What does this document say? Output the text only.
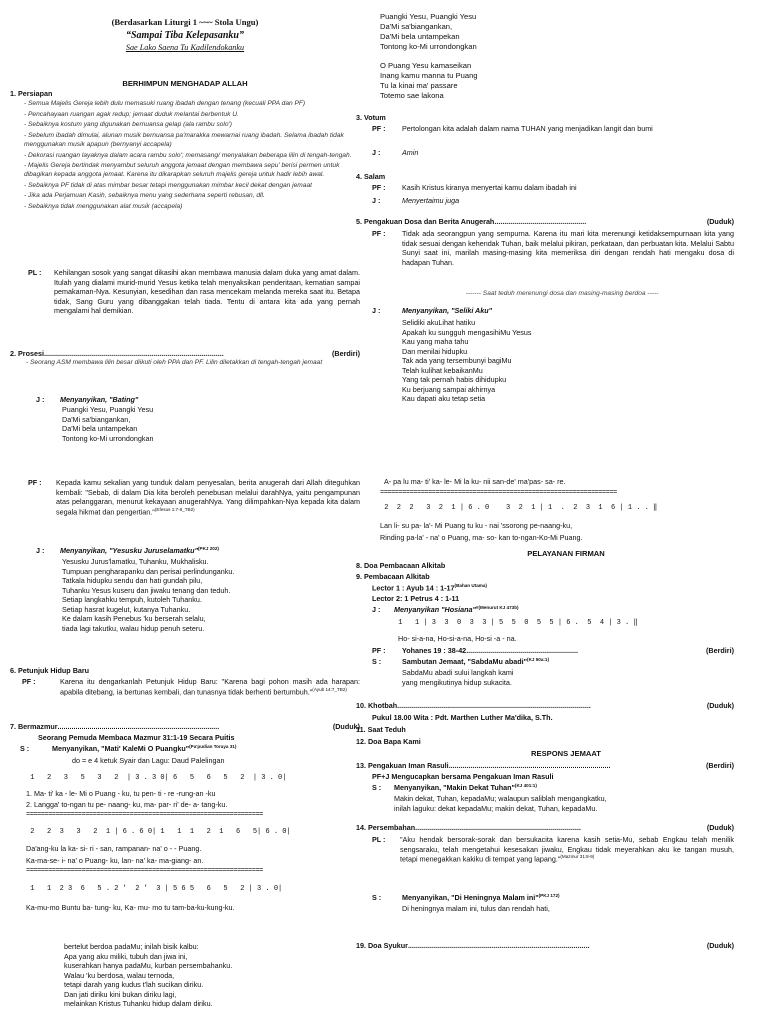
(Berdasarkan Liturgi 1 ~~~ Stola Ungu)
“Sampai Tiba Kelepasanku”
Sae Lako Saena Tu Kadilendokanku
BERHIMPUN MENGHADAP ALLAH
1. Persiapan
- Semua Majelis Gereja lebih dulu memasuki ruang ibadah dengan tenang (kecuali PPA dan PF)
- Pencahayaan ruangan agak redup; jemaat duduk melantai berbentuk U.
- Sebaiknya kostum yang digunakan bernuansa gelap (ala rambu solo')
- Sebelum ibadah dimulai, alunan musik bernuansa pa'marakka mewarnai ruang ibadah. Selama ibadah tidak menggunakan musik apapun (bernyanyi accapela)
- Dekorasi ruangan layaknya dalam acara rambu solo'; memasang/ menyalakan beberapa lilin di tengah-tengah.
- Majelis Gereja bertindak menyambut seluruh anggota jemaat dengan membawa sepu' berisi permen untuk dibagikan kepada anggota jemaat. Karena itu dikarapkan seluruh majelis gereja untuk hadir lebih awal.
- Sebaiknya PF tidak di atas mimbar besar tetapi menggunakan mimbar kecil dekat dengan jemaat
- Jika ada Perjamuan Kasih, sebaiknya menu yang sederhana seperti rebusan, dll.
- Sebaiknya tidak menggunakan alat musik (accapela)
PL :	Kehilangan sosok yang sangat dikasihi akan membawa manusia dalam duka yang amat dalam. Itulah yang dialami murid-murid Yesus ketika telah menyaksikan penderitaan, kematian sampai pemakaman-Nya. Kesunyian, kesedihan dan rasa mencekam melanda mereka saat itu. Betapa tidak, Sang Guru yang dibanggakan telah tiada. Tentu di antara kita ada yang pernah mengalami hal demikian.
2. Prosesi ..........................................................................................	(Berdiri)
- Seorang ASM membawa lilin besar diikuti oleh PPA dan PF. Lilin diletakkan di tengah-tengah jemaat
J :	Menyanyikan, "Bating"
Puangki Yesu, Puangki Yesu
Da'Mi sa'biangankan,
Da'Mi bela untampekan
Tontong ko-Mi urrondongkan
PF :	Kepada kamu sekalian yang tunduk dalam penyesalan, berita anugerah dari Allah diteguhkan kembali: "Sebab, di dalam Dia kita beroleh penebusan melalui darahNya, yaitu pengampunan atas pelanggaran, menurut kekayaan anugerahNya. Yang dilimpahkan-Nya kepada kita dalam segala hikmat dan pengertian."$^{(Efesus 1:7-8\_TB2)}$
J :	Menyanyikan, "Yesusku Juruselamatku" (PKJ 202)
Yesusku Jurus'lamatku, Tuhanku, Mukhalisku.
Tumpuan pengharapanku dan perisai perlindunganku.
Tatkala hidupku sendu dan hati gundah pilu,
Tuhanku Yesus kuseru dan jiwaku tenang dan teduh.
Setiap langkahku tempuh, kutoleh Tuhanku.
Setiap hasrat kugelut, kutanya Tuhanku.
Ke dalam kasih Penebus 'ku berserah selalu,
tiada lagi takutku, walau hidup penuh seteru.
6. Petunjuk Hidup Baru
PF :	Karena itu dengarkanlah Petunjuk Hidup Baru: "Karena bagi pohon masih ada harapan: apabila ditebang, ia bertunas kembali, dan tunasnya tidak berhenti bertumbuh."$^{(Ayub 14:7\_TB2)}$
7. Bermazmur .................................................................................	(Duduk)
Seorang Pemuda Membaca Mazmur 31:1-19 Secara Puitis
S :	Menyanyikan, "Mati' KaleMi O Puangku" (Pa'pudian Toraya 31)
do = e 4 ketuk Syair dan Lagu: Daud Palelingan
1   2   3   5   3   2  | 3 . 3 0| 6   5   6   5   2  | 3 . 0|
1. Ma- ti' ka - le- Mi o Puang - ku, tu pen- ti - re -rung-an -ku
2. Langga' to-ngan tu pe- naang- ku, ma- par- ri' de- a- tang-ku.
================================================================
2   2  3   3   2  1 | 6 . 6 0| 1   1  1   2  1   6   5| 6 . 0|
Da'ang-ku la ka- si- ri - san, rampanan- na' o - - Puang.
Ka-ma-se- i- na' o Puang- ku, lan- na' ka- ma-giang- an.
================================================================
1   1  2 3  6   5 . 2 '  2 '  3 | 5 6 5   6   5   2 | 3 . 0|
Ka-mu-mo Buntu ba- tung- ku, Ka- mu- mo tu tam-ba-ku-kung-ku.
bertelut berdoa padaMu; inilah bisik kalbu:
Apa yang aku miliki, tubuh dan jiwa ini,
kuserahkan hanya padaMu, kurban persembahanku.
Walau 'ku berdosa, walau ternoda,
tetapi darah yang kudus t'lah sucikan diriku.
Dan jati diriku kini bukan diriku lagi,
melainkan Kristus Tuhanku hidup dalam diriku.
Puangki Yesu, Puangki Yesu
Da'Mi sa'biangankan,
Da'Mi bela untampekan
Tontong ko-Mi urrondongkan
O Puang Yesu kamaseikan
Inang kamu manna tu Puang
Tu la kinai ma' passare
Totemo sae lakona
3. Votum
PF :	Pertolongan kita adalah dalam nama TUHAN yang menjadikan langit dan bumi
J :	Amin
4. Salam
PF :	Kasih Kristus kiranya menyertai kamu dalam ibadah ini
J :	Menyertaimu juga
5. Pengakuan Dosa dan Berita Anugerah ..............................................	(Duduk)
PF :	Tidak ada seorangpun yang sempurna. Karena itu mari kita merenungi ketidaksempurnaan kita yang tidak sesuai dengan kehendak Tuhan, baik melalui pikiran, perkataan, dan perbuatan kita. Melalui Sabtu Sunyi saat ini, marilah masing-masing kita memeriksa diri dengan rendah hati mengaku dosa di hadapan Tuhan.
------- Saat teduh merenungi dosa dan masing-masing berdoa -----
J :	Menyanyikan, "Seliki Aku"
Selidiki akuLihat hatiku
Apakah ku sungguh mengasihiMu Yesus
Kau yang maha tahu
Dan menilai hidupku
Tak ada yang tersembunyi bagiMu
Telah kulihat kebaikanMu
Yang tak pernah habis dihidupku
Ku berjuang sampai akhirnya
Kau dapati aku tetap setia
A- pa lu ma- ti' ka- le- Mi la ku- nii san-de' ma'pas- sa- re.
================================================================
2  2  2   3  2  1 | 6 . 0    3  2  1 | 1  .  2  3  1  6 | 1 . . ‖
Lan li- su pa- la'- Mi Puang tu ku - nai 'ssorong pe-naang-ku,
Rinding pa-la' - na' o Puang, ma- so- kan to-ngan-Ko-Mi Puang.
PELAYANAN FIRMAN
8. Doa Pembacaan Alkitab
9. Pembacaan Alkitab
Lector 1 : Ayub 14 : $1-17^{(Bahan Utama)}$
Lector 2: 1 Petrus 4 : 1-11
J :	Menyanyikan "Hosiana" #(Menurut KJ 473b)
1   1 | 3  3  0  3  3 | 5  5  0  5  5 | 6 .  5  4 | 3 . ‖
Ho- si-a-na, Ho-si-a-na, Ho-si -a - na.
PF :	Yohanes 19 : 38-42 ........................................................	(Berdiri)
S :	Sambutan Jemaat, "SabdaMu abadi" (KJ 50a:1)
SabdaMu abadi sului langkah kami
yang mengikutinya hidup sukacita.
10. Khotbah .................................................................................................	(Duduk)
Pukul 18.00 Wita : Pdt. Marthen Luther Ma'dika, S.Th.
11. Saat Teduh
12. Doa Bapa Kami
RESPONS JEMAAT
13. Pengakuan Iman Rasuli .................................................................................	(Berdiri)
PF+J Mengucapkan bersama Pengakuan Iman Rasuli
S :	Menyanyikan, "Makin Dekat Tuhan" (KJ 401:1)
Makin dekat, Tuhan, kepadaMu; walaupun saliblah mengangkatku,
inilah laguku: dekat kepadaMu; makin dekat, Tuhan, kepadaMu.
14. Persembahan ...................................................................................	(Duduk)
PL :	"Aku hendak bersorak-sorak dan bersukacita karena kasih setia-Mu, sebab Engkau telah menilik sengsaraku, telah mengetahui kesesakan jiwaku, Engkau tidak meyerahkan aku ke tangan musuh, tetapi menegakkan kakiku di tempat yang lapang."$^{(Mazmur 31:8-9)}$
S :	Menyanyikan, "Di Heningnya Malam ini" (PKJ 172)
Di heningnya malam ini, tulus dan rendah hati,
19. Doa Syukur ...........................................................................................	(Duduk)
